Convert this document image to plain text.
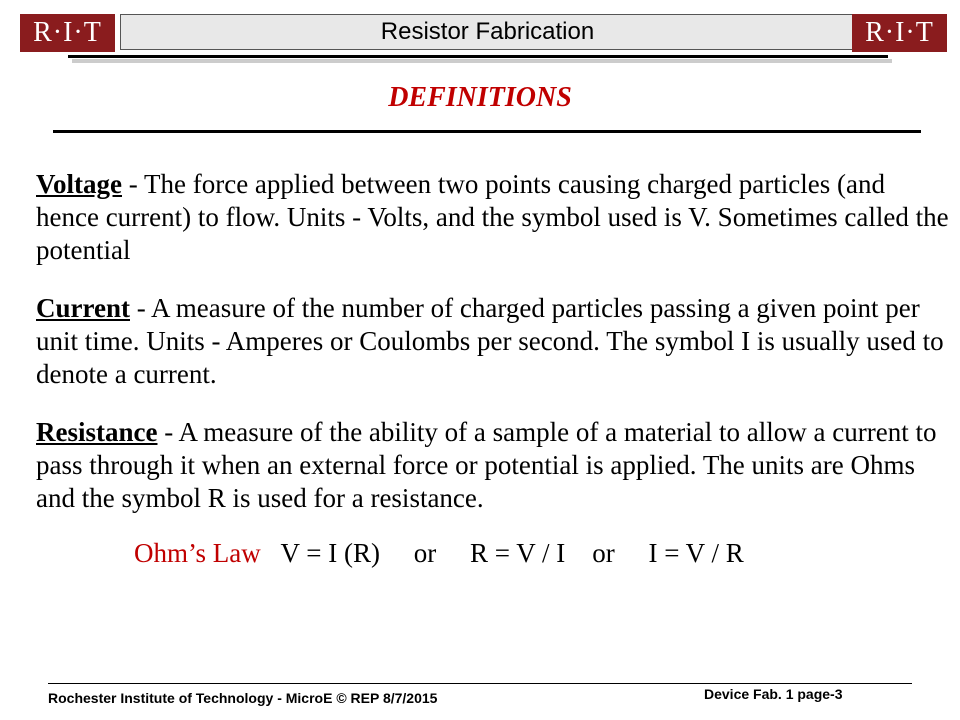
R·I·T	Resistor Fabrication	R·I·T
DEFINITIONS
Voltage - The force applied between two points causing charged particles (and hence current) to flow. Units - Volts, and the symbol used is V. Sometimes called the potential
Current - A measure of the number of charged particles passing a given point per unit time. Units - Amperes or Coulombs per second. The symbol I is usually used to denote a current.
Resistance - A measure of the ability of a sample of a material to allow a current to pass through it when an external force or potential is applied. The units are Ohms and the symbol R is used for a resistance.
Ohm’s Law   V = I (R)     or     R = V / I    or     I = V / R
Rochester Institute of Technology - MicroE © REP 8/7/2015	Device Fab. 1 page-3
